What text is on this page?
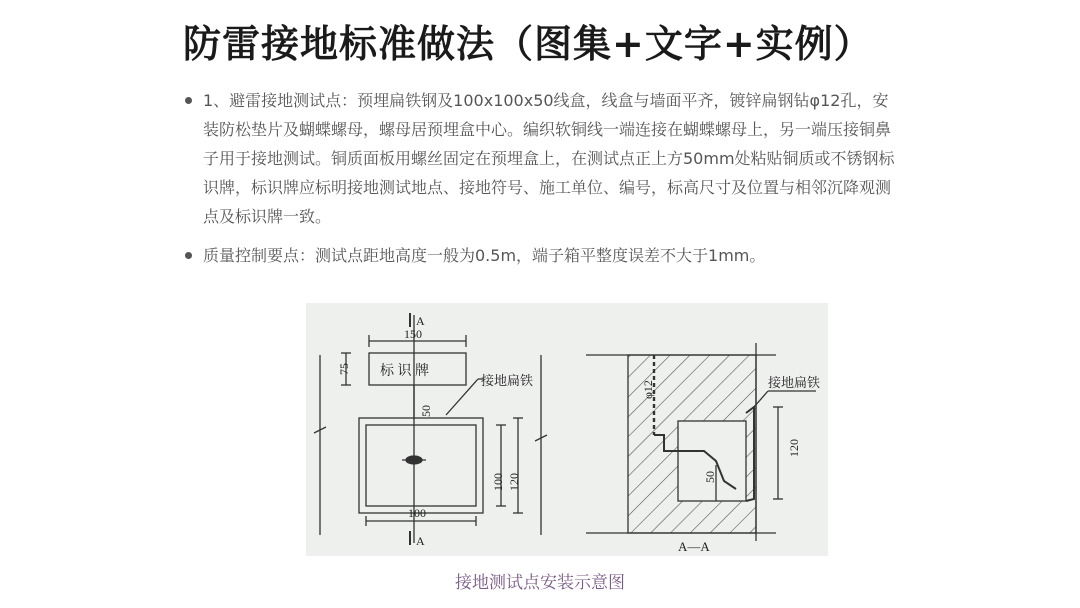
防雷接地标准做法（图集+文字+实例）
1、避雷接地测试点：预埋扁铁钢及100x100x50线盒，线盒与墙面平齐，镀锌扁钢钻φ12孔，安装防松垫片及蝴蝶螺母，螺母居预埋盒中心。编织软铜线一端连接在蝴蝶螺母上，另一端压接铜鼻子用于接地测试。铜质面板用螺丝固定在预埋盒上，在测试点正上方50mm处粘贴铜质或不锈钢标识牌，标识牌应标明接地测试地点、接地符号、施工单位、编号，标高尺寸及位置与相邻沉降观测点及标识牌一致。
质量控制要点：测试点距地高度一般为0.5m，端子箱平整度误差不大于1mm。
A
A
150
75 标 识 牌
50
接地扁铁
100 120
100
φ12	接地扁铁
120
50
A—A
接地测试点安装示意图
